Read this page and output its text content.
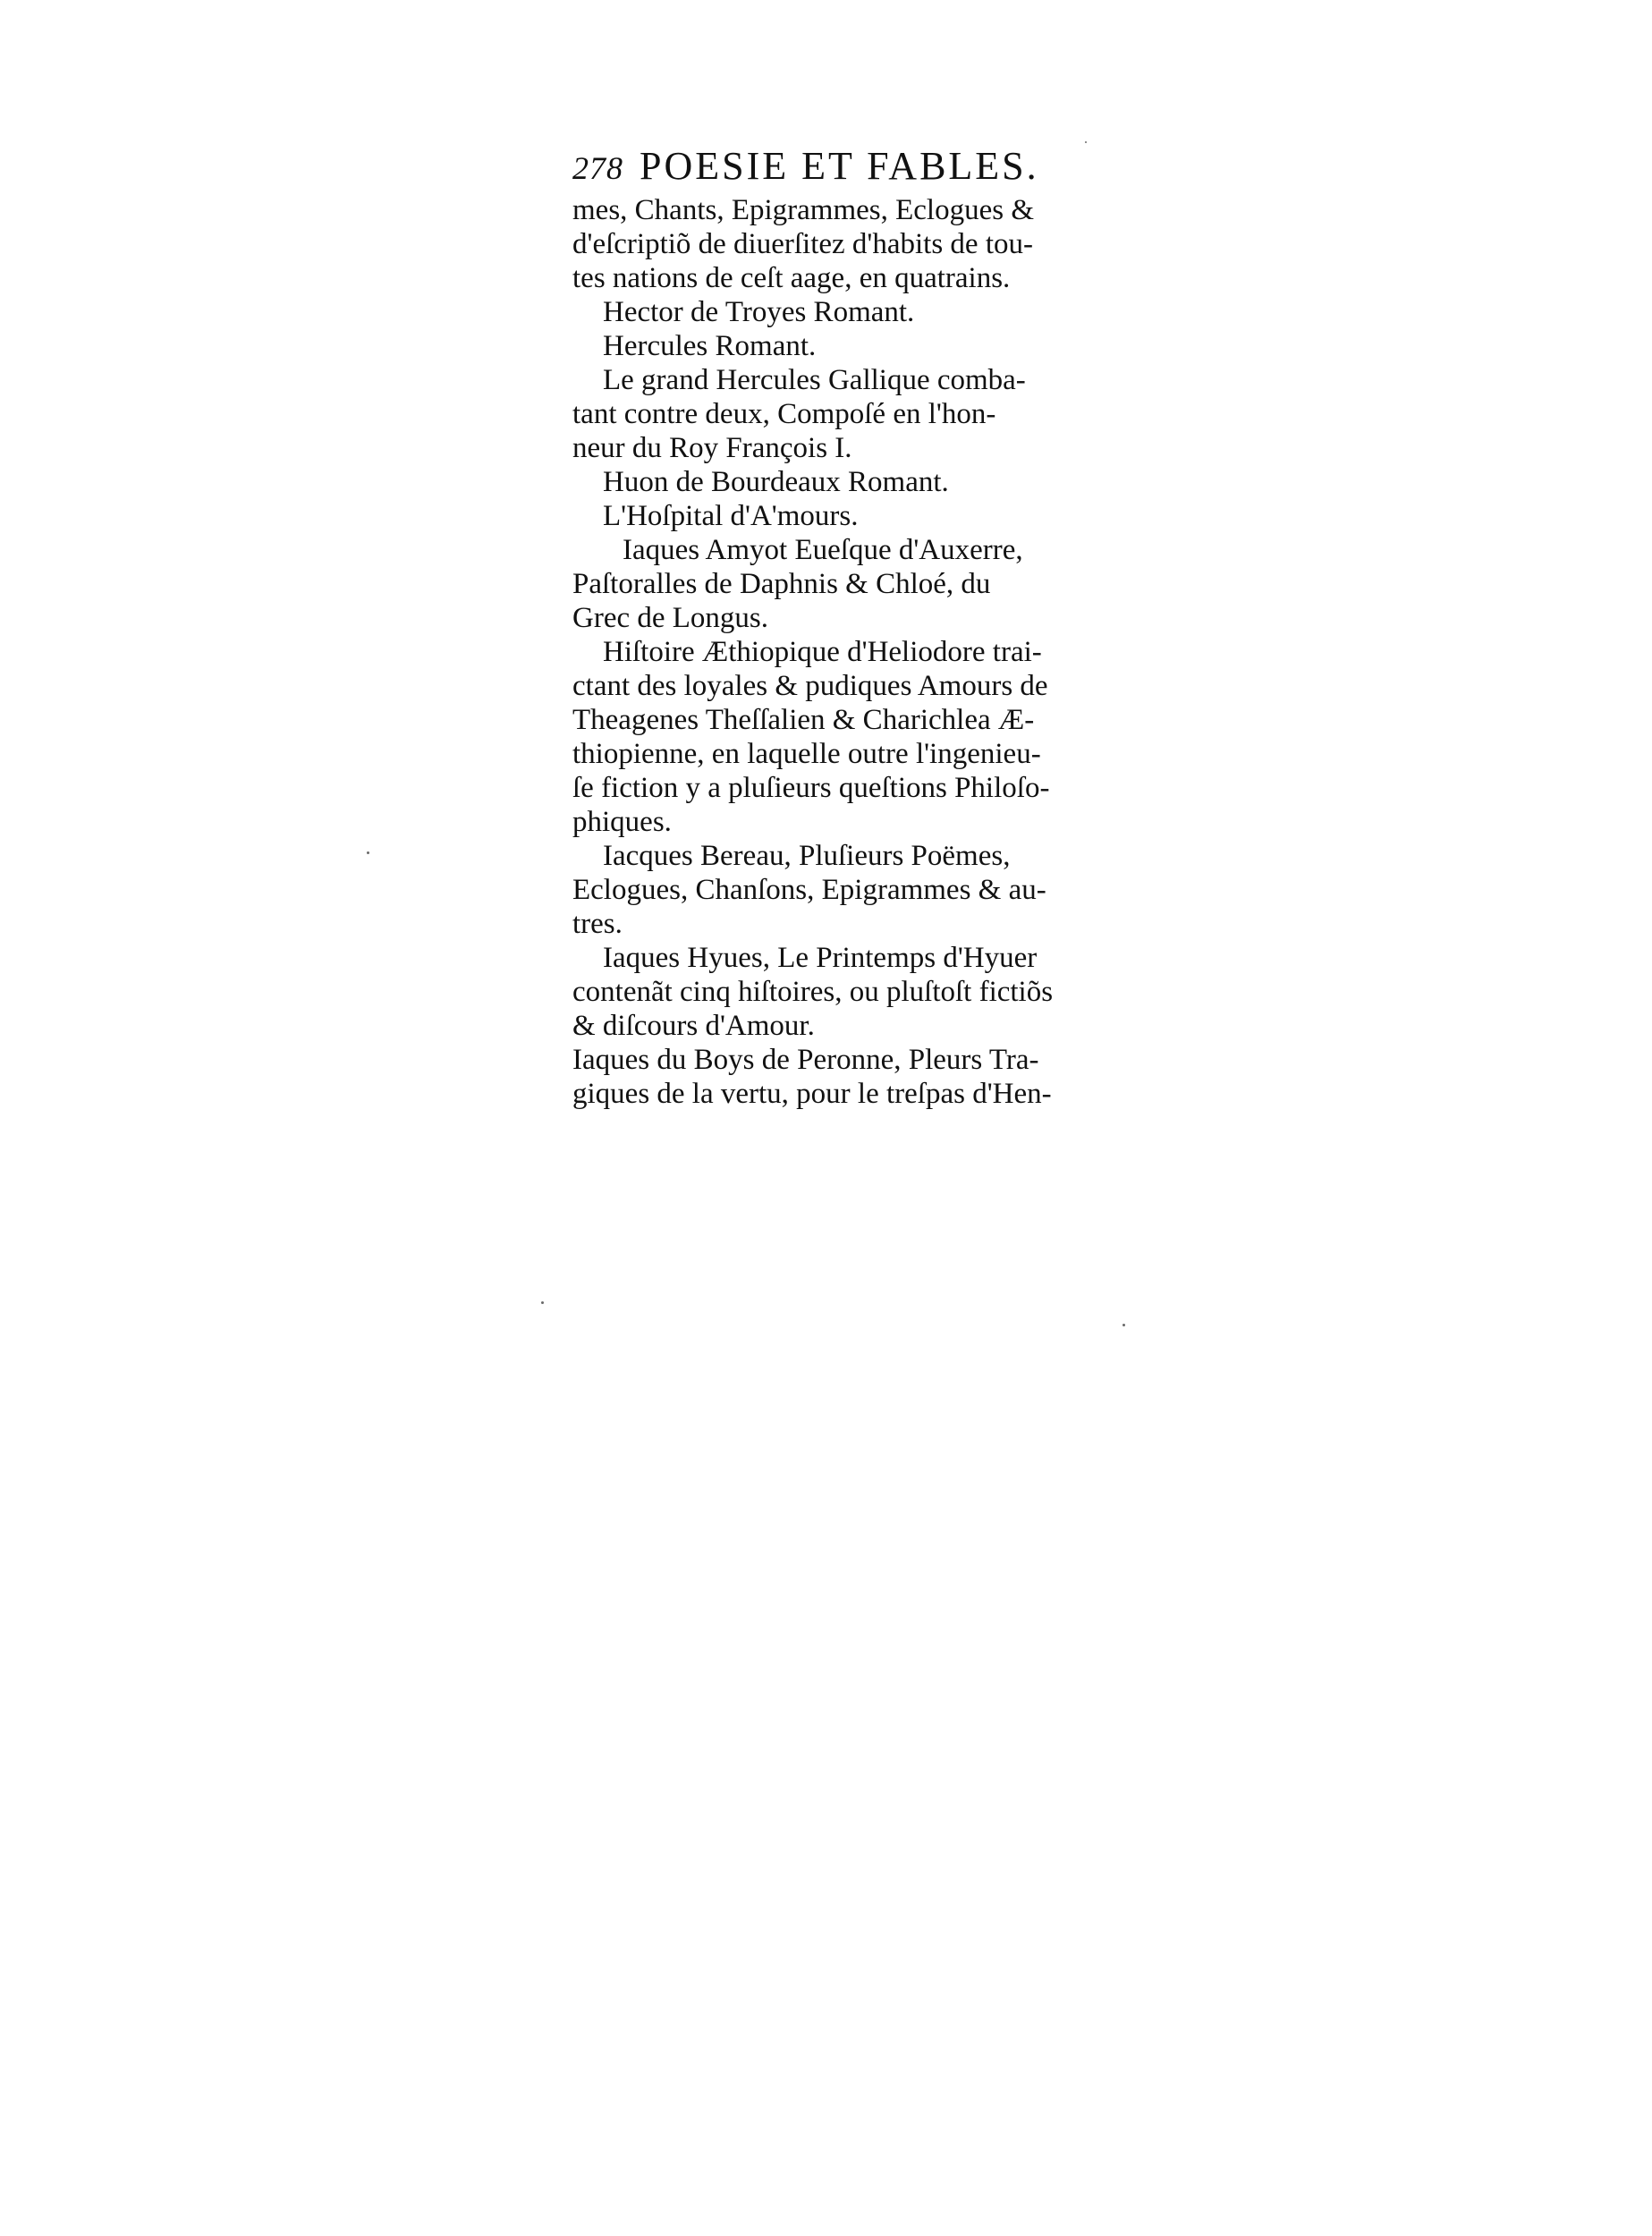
278 POESIE ET FABLES.
mes, Chants, Epigrammes, Eclogues &
d'eſcriptiõ de diuerſitez d'habits de tou-
tes nations de ceſt aage, en quatrains.
Hector de Troyes Romant.
Hercules Romant.
Le grand Hercules Gallique comba-
tant contre deux, Compoſé en l'hon-
neur du Roy François I.
Huon de Bourdeaux Romant.
L'Hoſpital d'A'mours.
Iaques Amyot Eueſque d'Auxerre,
Paſtoralles de Daphnis & Chloé, du
Grec de Longus.
Hiſtoire Æthiopique d'Heliodore trai-
ctant des loyales & pudiques Amours de
Theagenes Theſſalien & Charichlea Æ-
thiopienne, en laquelle outre l'ingenieu-
ſe fiction y a pluſieurs queſtions Philoſo-
phiques.
Iacques Bereau, Pluſieurs Poëmes,
Eclogues, Chanſons, Epigrammes & au-
tres.
Iaques Hyues, Le Printemps d'Hyuer
contenãt cinq hiſtoires, ou pluſtoſt fictiõs
& diſcours d'Amour.
Iaques du Boys de Peronne, Pleurs Tra-
giques de la vertu, pour le treſpas d'Hen-
